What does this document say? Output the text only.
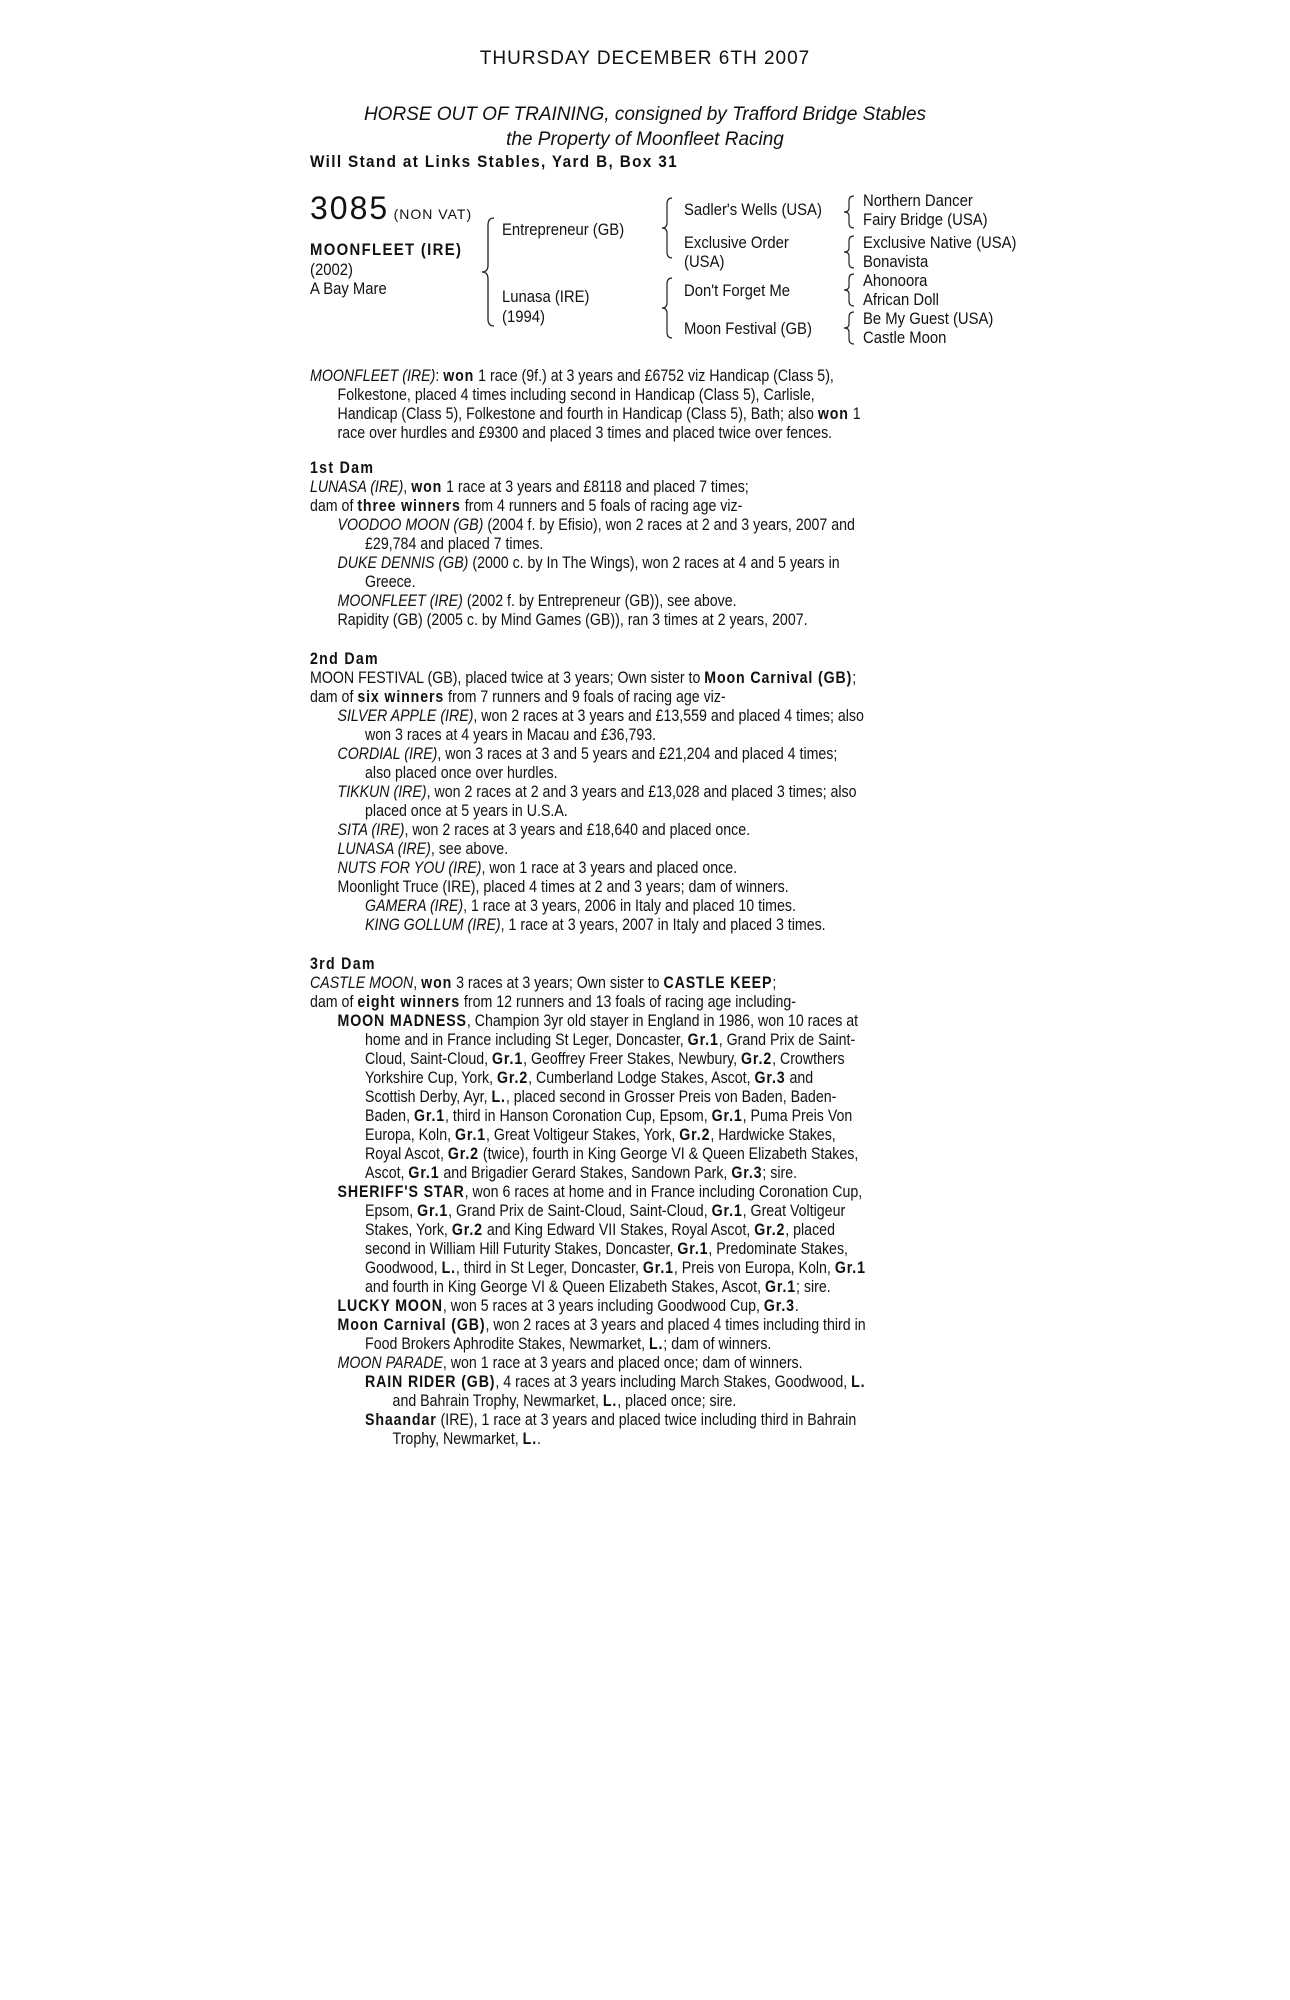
THURSDAY DECEMBER 6TH 2007
HORSE OUT OF TRAINING, consigned by Trafford Bridge Stables
the Property of Moonfleet Racing
Will Stand at Links Stables, Yard B, Box 31
3085 (NON VAT)
MOONFLEET (IRE)
(2002)
A Bay Mare
Entrepreneur (GB)
Lunasa (IRE)
(1994)
Sadler's Wells (USA)
Exclusive Order
(USA)
Don't Forget Me
Moon Festival (GB)
Northern Dancer
Fairy Bridge (USA)
Exclusive Native (USA)
Bonavista
Ahonoora
African Doll
Be My Guest (USA)
Castle Moon
MOONFLEET (IRE): won 1 race (9f.) at 3 years and £6752 viz Handicap (Class 5),
Folkestone, placed 4 times including second in Handicap (Class 5), Carlisle,
Handicap (Class 5), Folkestone and fourth in Handicap (Class 5), Bath; also won 1
race over hurdles and £9300 and placed 3 times and placed twice over fences.
1st Dam
LUNASA (IRE), won 1 race at 3 years and £8118 and placed 7 times;
dam of three winners from 4 runners and 5 foals of racing age viz-
VOODOO MOON (GB) (2004 f. by Efisio), won 2 races at 2 and 3 years, 2007 and
£29,784 and placed 7 times.
DUKE DENNIS (GB) (2000 c. by In The Wings), won 2 races at 4 and 5 years in
Greece.
MOONFLEET (IRE) (2002 f. by Entrepreneur (GB)), see above.
Rapidity (GB) (2005 c. by Mind Games (GB)), ran 3 times at 2 years, 2007.
2nd Dam
MOON FESTIVAL (GB), placed twice at 3 years; Own sister to Moon Carnival (GB);
dam of six winners from 7 runners and 9 foals of racing age viz-
SILVER APPLE (IRE), won 2 races at 3 years and £13,559 and placed 4 times; also
won 3 races at 4 years in Macau and £36,793.
CORDIAL (IRE), won 3 races at 3 and 5 years and £21,204 and placed 4 times;
also placed once over hurdles.
TIKKUN (IRE), won 2 races at 2 and 3 years and £13,028 and placed 3 times; also
placed once at 5 years in U.S.A.
SITA (IRE), won 2 races at 3 years and £18,640 and placed once.
LUNASA (IRE), see above.
NUTS FOR YOU (IRE), won 1 race at 3 years and placed once.
Moonlight Truce (IRE), placed 4 times at 2 and 3 years; dam of winners.
GAMERA (IRE), 1 race at 3 years, 2006 in Italy and placed 10 times.
KING GOLLUM (IRE), 1 race at 3 years, 2007 in Italy and placed 3 times.
3rd Dam
CASTLE MOON, won 3 races at 3 years; Own sister to CASTLE KEEP;
dam of eight winners from 12 runners and 13 foals of racing age including-
MOON MADNESS, Champion 3yr old stayer in England in 1986, won 10 races at
home and in France including St Leger, Doncaster, Gr.1, Grand Prix de Saint-
Cloud, Saint-Cloud, Gr.1, Geoffrey Freer Stakes, Newbury, Gr.2, Crowthers
Yorkshire Cup, York, Gr.2, Cumberland Lodge Stakes, Ascot, Gr.3 and
Scottish Derby, Ayr, L., placed second in Grosser Preis von Baden, Baden-
Baden, Gr.1, third in Hanson Coronation Cup, Epsom, Gr.1, Puma Preis Von
Europa, Koln, Gr.1, Great Voltigeur Stakes, York, Gr.2, Hardwicke Stakes,
Royal Ascot, Gr.2 (twice), fourth in King George VI & Queen Elizabeth Stakes,
Ascot, Gr.1 and Brigadier Gerard Stakes, Sandown Park, Gr.3; sire.
SHERIFF'S STAR, won 6 races at home and in France including Coronation Cup,
Epsom, Gr.1, Grand Prix de Saint-Cloud, Saint-Cloud, Gr.1, Great Voltigeur
Stakes, York, Gr.2 and King Edward VII Stakes, Royal Ascot, Gr.2, placed
second in William Hill Futurity Stakes, Doncaster, Gr.1, Predominate Stakes,
Goodwood, L., third in St Leger, Doncaster, Gr.1, Preis von Europa, Koln, Gr.1
and fourth in King George VI & Queen Elizabeth Stakes, Ascot, Gr.1; sire.
LUCKY MOON, won 5 races at 3 years including Goodwood Cup, Gr.3.
Moon Carnival (GB), won 2 races at 3 years and placed 4 times including third in
Food Brokers Aphrodite Stakes, Newmarket, L.; dam of winners.
MOON PARADE, won 1 race at 3 years and placed once; dam of winners.
RAIN RIDER (GB), 4 races at 3 years including March Stakes, Goodwood, L.
and Bahrain Trophy, Newmarket, L., placed once; sire.
Shaandar (IRE), 1 race at 3 years and placed twice including third in Bahrain
Trophy, Newmarket, L..
